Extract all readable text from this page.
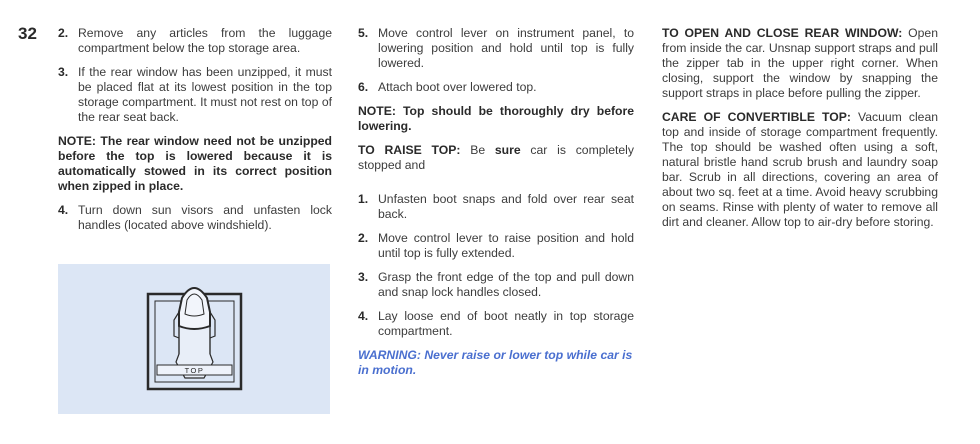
32 2. Remove any articles from the luggage compartment below the top storage area.
3. If the rear window has been unzipped, it must be placed flat at its lowest position in the top storage compartment. It must not rest on top of the rear seat back.
NOTE: The rear window need not be unzipped before the top is lowered because it is automatically stowed in its correct position when zipped in place.
4. Turn down sun visors and unfasten lock handles (located above windshield).
TOP
5. Move control lever on instrument panel, to lowering position and hold until top is fully lowered.
6. Attach boot over lowered top.
NOTE: Top should be thoroughly dry before lowering.
TO RAISE TOP: Be sure car is completely stopped and
1. Unfasten boot snaps and fold over rear seat back.
2. Move control lever to raise position and hold until top is fully extended.
3. Grasp the front edge of the top and pull down and snap lock handles closed.
4. Lay loose end of boot neatly in top storage compartment.
WARNING: Never raise or lower top while car is in motion.
TO OPEN AND CLOSE REAR WINDOW: Open from inside the car. Unsnap support straps and pull the zipper tab in the upper right corner. When closing, support the window by snapping the support straps in place before pulling the zipper.
CARE OF CONVERTIBLE TOP: Vacuum clean top and inside of storage compartment frequently. The top should be washed often using a soft, natural bristle hand scrub brush and laundry soap bar. Scrub in all directions, covering an area of about two sq. feet at a time. Avoid heavy scrubbing on seams. Rinse with plenty of water to remove all dirt and cleaner. Allow top to air-dry before storing.
